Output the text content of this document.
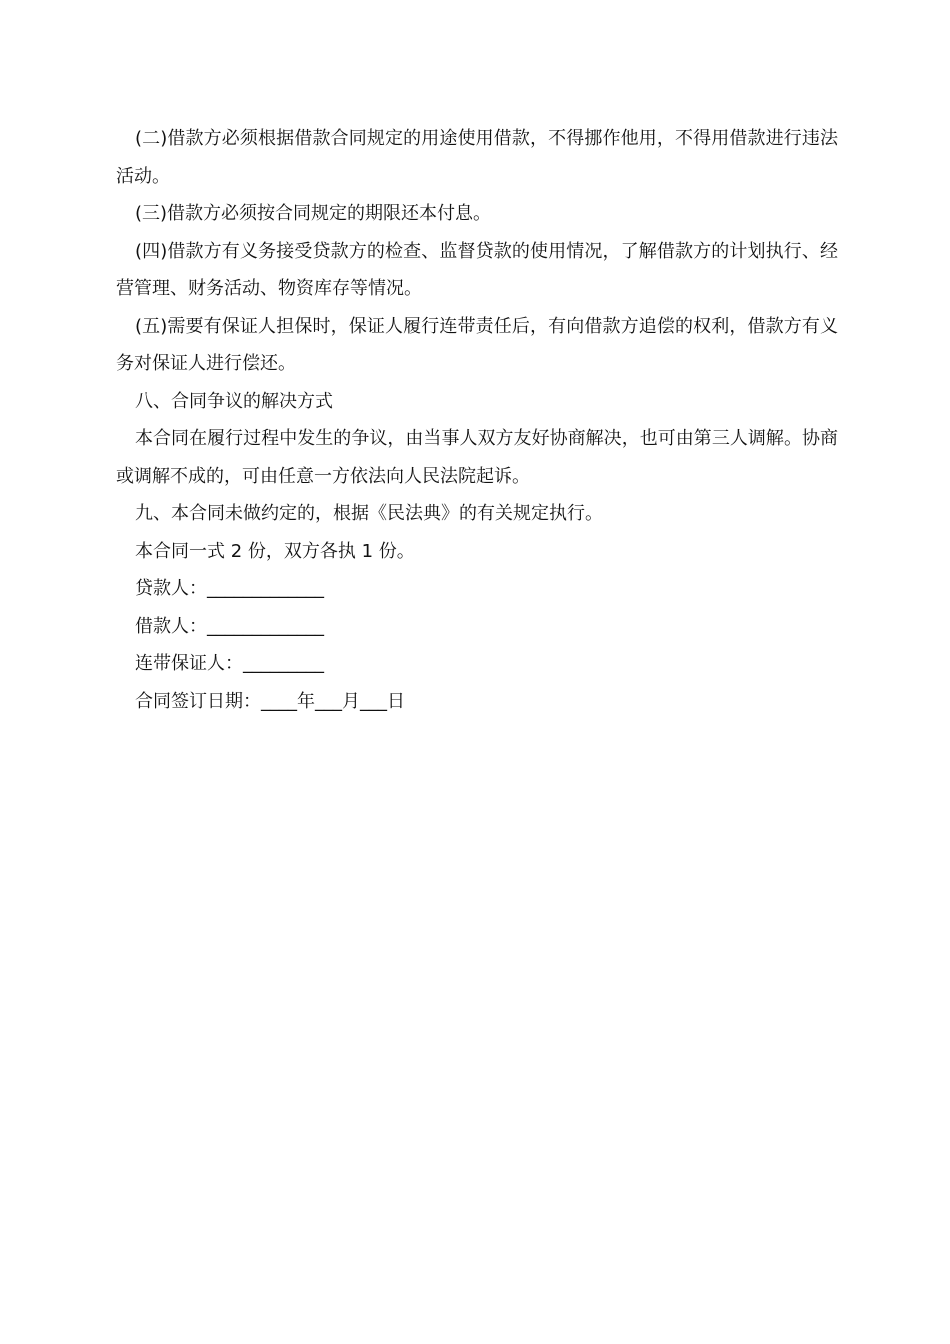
(二)借款方必须根据借款合同规定的用途使用借款，不得挪作他用，不得用借款进行违法活动。

(三)借款方必须按合同规定的期限还本付息。

(四)借款方有义务接受贷款方的检查、监督贷款的使用情况，了解借款方的计划执行、经营管理、财务活动、物资库存等情况。

(五)需要有保证人担保时，保证人履行连带责任后，有向借款方追偿的权利，借款方有义务对保证人进行偿还。

八、合同争议的解决方式

本合同在履行过程中发生的争议，由当事人双方友好协商解决，也可由第三人调解。协商或调解不成的，可由任意一方依法向人民法院起诉。

九、本合同未做约定的，根据《民法典》的有关规定执行。

本合同一式 2 份，双方各执 1 份。

贷款人：_____________

借款人：_____________

连带保证人：_________

合同签订日期：____年___月___日
